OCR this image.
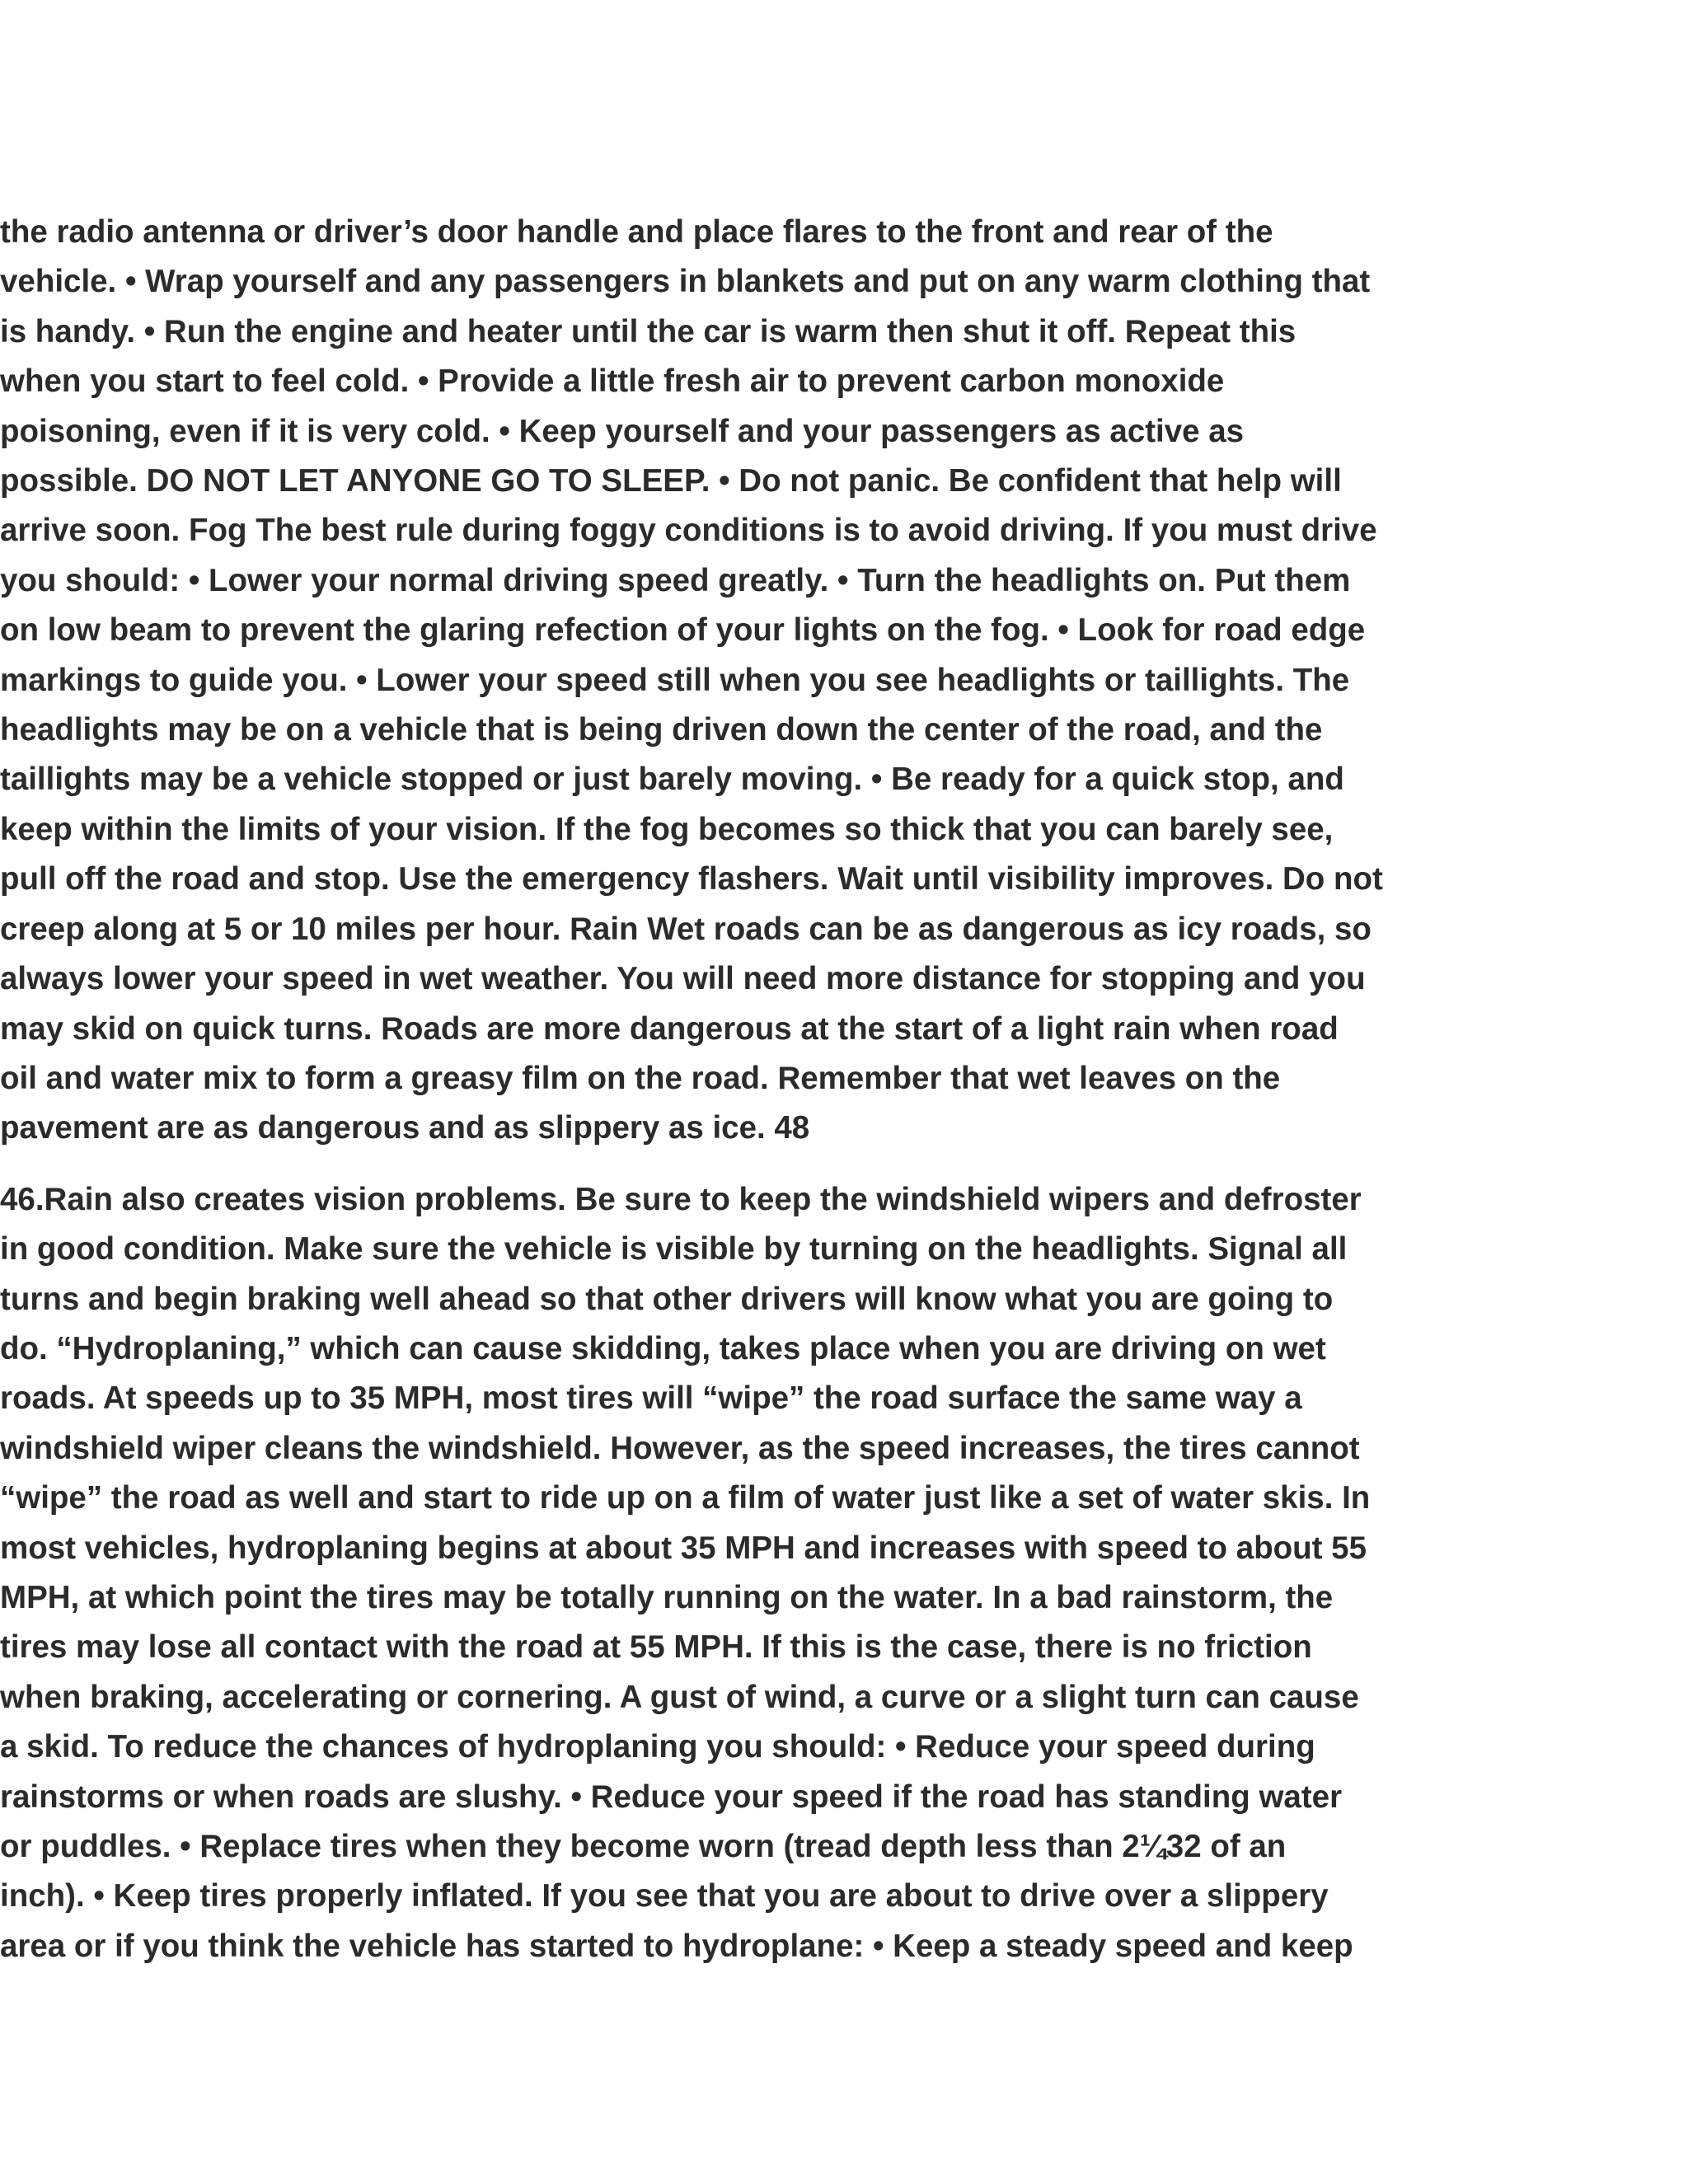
the radio antenna or driver’s door handle and place flares to the front and rear of the
vehicle. • Wrap yourself and any passengers in blankets and put on any warm clothing that
is handy. • Run the engine and heater until the car is warm then shut it off. Repeat this
when you start to feel cold. • Provide a little fresh air to prevent carbon monoxide
poisoning, even if it is very cold. • Keep yourself and your passengers as active as
possible. DO NOT LET ANYONE GO TO SLEEP. • Do not panic. Be confident that help will
arrive soon. Fog The best rule during foggy conditions is to avoid driving. If you must drive
you should: • Lower your normal driving speed greatly. • Turn the headlights on. Put them
on low beam to prevent the glaring refection of your lights on the fog. • Look for road edge
markings to guide you. • Lower your speed still when you see headlights or taillights. The
headlights may be on a vehicle that is being driven down the center of the road, and the
taillights may be a vehicle stopped or just barely moving. • Be ready for a quick stop, and
keep within the limits of your vision. If the fog becomes so thick that you can barely see,
pull off the road and stop. Use the emergency flashers. Wait until visibility improves. Do not
creep along at 5 or 10 miles per hour. Rain Wet roads can be as dangerous as icy roads, so
always lower your speed in wet weather. You will need more distance for stopping and you
may skid on quick turns. Roads are more dangerous at the start of a light rain when road
oil and water mix to form a greasy film on the road. Remember that wet leaves on the
pavement are as dangerous and as slippery as ice. 48

46.Rain also creates vision problems. Be sure to keep the windshield wipers and defroster
in good condition. Make sure the vehicle is visible by turning on the headlights. Signal all
turns and begin braking well ahead so that other drivers will know what you are going to
do. “Hydroplaning,” which can cause skidding, takes place when you are driving on wet
roads. At speeds up to 35 MPH, most tires will “wipe” the road surface the same way a
windshield wiper cleans the windshield. However, as the speed increases, the tires cannot
“wipe” the road as well and start to ride up on a film of water just like a set of water skis. In
most vehicles, hydroplaning begins at about 35 MPH and increases with speed to about 55
MPH, at which point the tires may be totally running on the water. In a bad rainstorm, the
tires may lose all contact with the road at 55 MPH. If this is the case, there is no friction
when braking, accelerating or cornering. A gust of wind, a curve or a slight turn can cause
a skid. To reduce the chances of hydroplaning you should: • Reduce your speed during
rainstorms or when roads are slushy. • Reduce your speed if the road has standing water
or puddles. • Replace tires when they become worn (tread depth less than 2¼32 of an
inch). • Keep tires properly inflated. If you see that you are about to drive over a slippery
area or if you think the vehicle has started to hydroplane: • Keep a steady speed and keep
